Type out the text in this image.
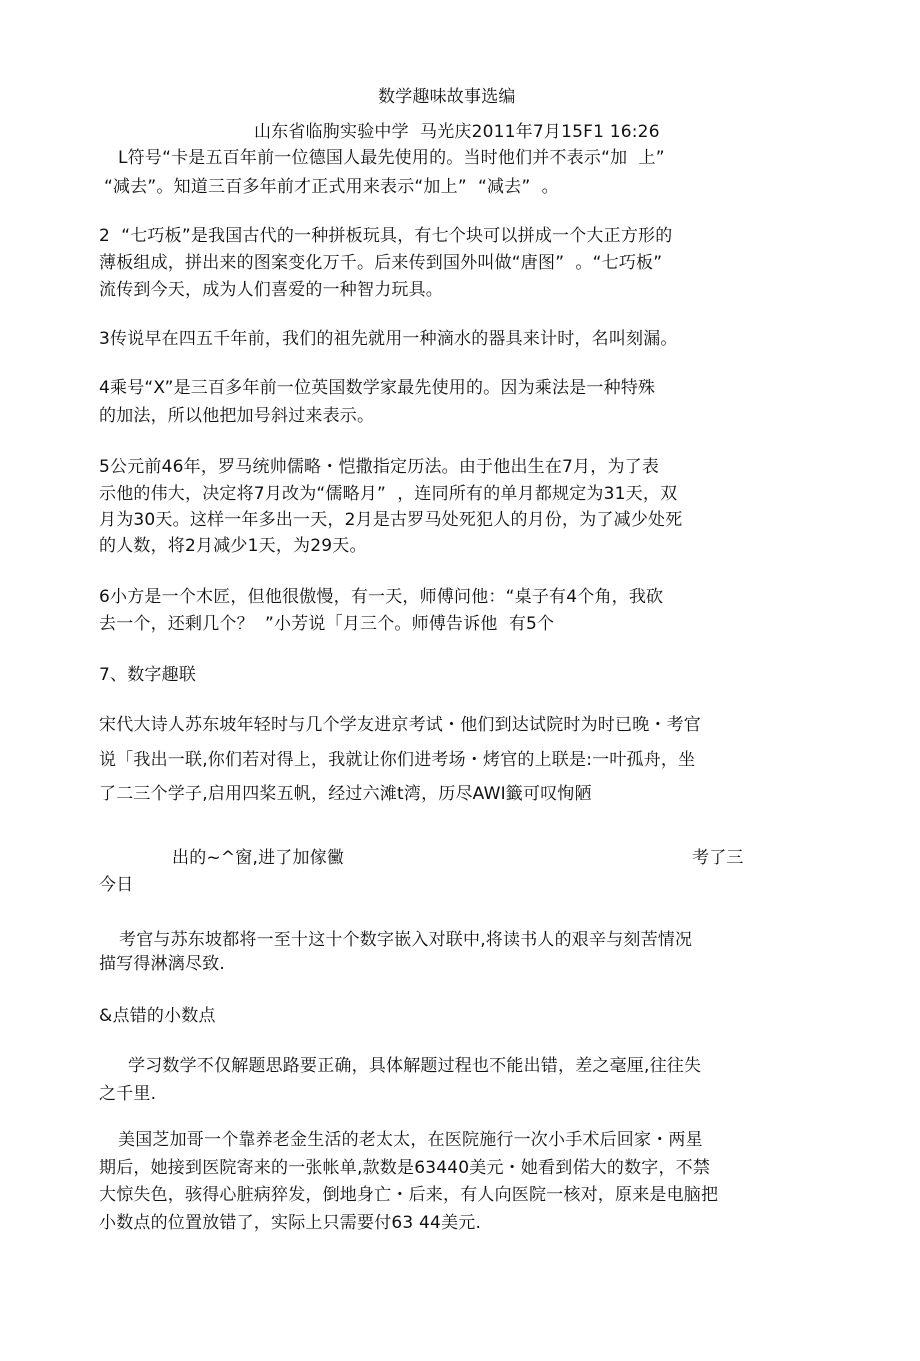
数学趣味故事选编
山东省临朐实验中学  马光庆2011年7月15F1 16:26
L符号“卡是五百年前一位德国人最先使用的。当时他们并不表示“加  上”
“减去”。知道三百多年前才正式用来表示“加上”  “减去”  。
2  “七巧板”是我国古代的一种拼板玩具，有七个块可以拼成一个大正方形的
薄板组成，拼出来的图案变化万千。后来传到国外叫做“唐图”  。“七巧板”
流传到今天，成为人们喜爱的一种智力玩具。
3传说早在四五千年前，我们的祖先就用一种滴水的器具来计时，名叫刻漏。
4乘号“X”是三百多年前一位英国数学家最先使用的。因为乘法是一种特殊
的加法，所以他把加号斜过来表示。
5公元前46年，罗马统帅儒略・恺撒指定历法。由于他出生在7月，为了表
示他的伟大，决定将7月改为“儒略月”  ，连同所有的单月都规定为31天，双
月为30天。这样一年多出一天，2月是古罗马处死犯人的月份，为了减少处死
的人数，将2月减少1天，为29天。
6小方是一个木匠，但他很傲慢，有一天，师傅问他：“桌子有4个角，我砍
去一个，还剩几个？  ”小芳说「月三个。师傅告诉他  有5个
7、数字趣联
宋代大诗人苏东坡年轻时与几个学友进京考试・他们到达试院时为时已晚・考官
说「我出一联,你们若对得上，我就让你们进考场・烤官的上联是:一叶孤舟，坐
了二三个学子,启用四桨五帆，经过六滩t湾，历尽AWI籤可叹恂陋
出的~^窗,进了加傢黴	考了三
今日
考官与苏东坡都将一至十这十个数字嵌入对联中,将读书人的艰辛与刻苦情况
描写得淋漓尽致.
&点错的小数点
学习数学不仅解题思路要正确，具体解题过程也不能出错，差之毫厘,往往失
之千里.
美国芝加哥一个靠养老金生活的老太太，在医院施行一次小手术后回家・两星
期后，她接到医院寄来的一张帐单,款数是63440美元・她看到偌大的数字，不禁
大惊失色，骇得心脏病猝发，倒地身亡・后来，有人向医院一核对，原来是电脑把
小数点的位置放错了，实际上只需要付63 44美元.
